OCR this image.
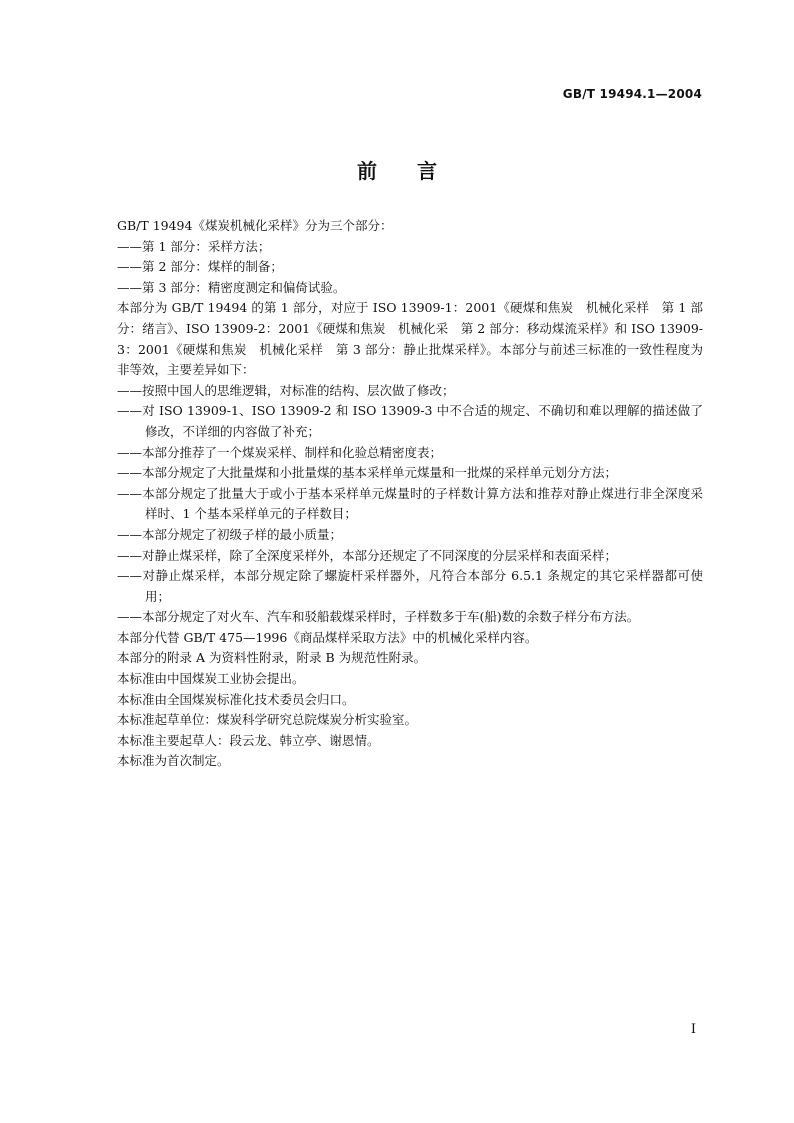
GB/T 19494.1—2004
前言

GB/T 19494《煤炭机械化采样》分为三个部分：

——第 1 部分：采样方法；

——第 2 部分：煤样的制备；

——第 3 部分：精密度测定和偏倚试验。

本部分为 GB/T 19494 的第 1 部分，对应于 ISO 13909-1：2001《硬煤和焦炭　机械化采样　第 1 部分：绪言》、ISO 13909-2：2001《硬煤和焦炭　机械化采　第 2 部分：移动煤流采样》和 ISO 13909-3：2001《硬煤和焦炭　机械化采样　第 3 部分：静止批煤采样》。本部分与前述三标准的一致性程度为非等效，主要差异如下：

——按照中国人的思维逻辑，对标准的结构、层次做了修改；

——对 ISO 13909-1、ISO 13909-2 和 ISO 13909-3 中不合适的规定、不确切和难以理解的描述做了修改，不详细的内容做了补充；

——本部分推荐了一个煤炭采样、制样和化验总精密度表；

——本部分规定了大批量煤和小批量煤的基本采样单元煤量和一批煤的采样单元划分方法；

——本部分规定了批量大于或小于基本采样单元煤量时的子样数计算方法和推荐对静止煤进行非全深度采样时、1 个基本采样单元的子样数目；

——本部分规定了初级子样的最小质量；

——对静止煤采样，除了全深度采样外，本部分还规定了不同深度的分层采样和表面采样；

——对静止煤采样，本部分规定除了螺旋杆采样器外，凡符合本部分 6.5.1 条规定的其它采样器都可使用；

——本部分规定了对火车、汽车和驳船载煤采样时，子样数多于车(船)数的余数子样分布方法。

本部分代替 GB/T 475—1996《商品煤样采取方法》中的机械化采样内容。

本部分的附录 A 为资料性附录，附录 B 为规范性附录。

本标准由中国煤炭工业协会提出。

本标准由全国煤炭标准化技术委员会归口。

本标准起草单位：煤炭科学研究总院煤炭分析实验室。

本标准主要起草人：段云龙、韩立亭、谢恩情。

本标准为首次制定。

I
